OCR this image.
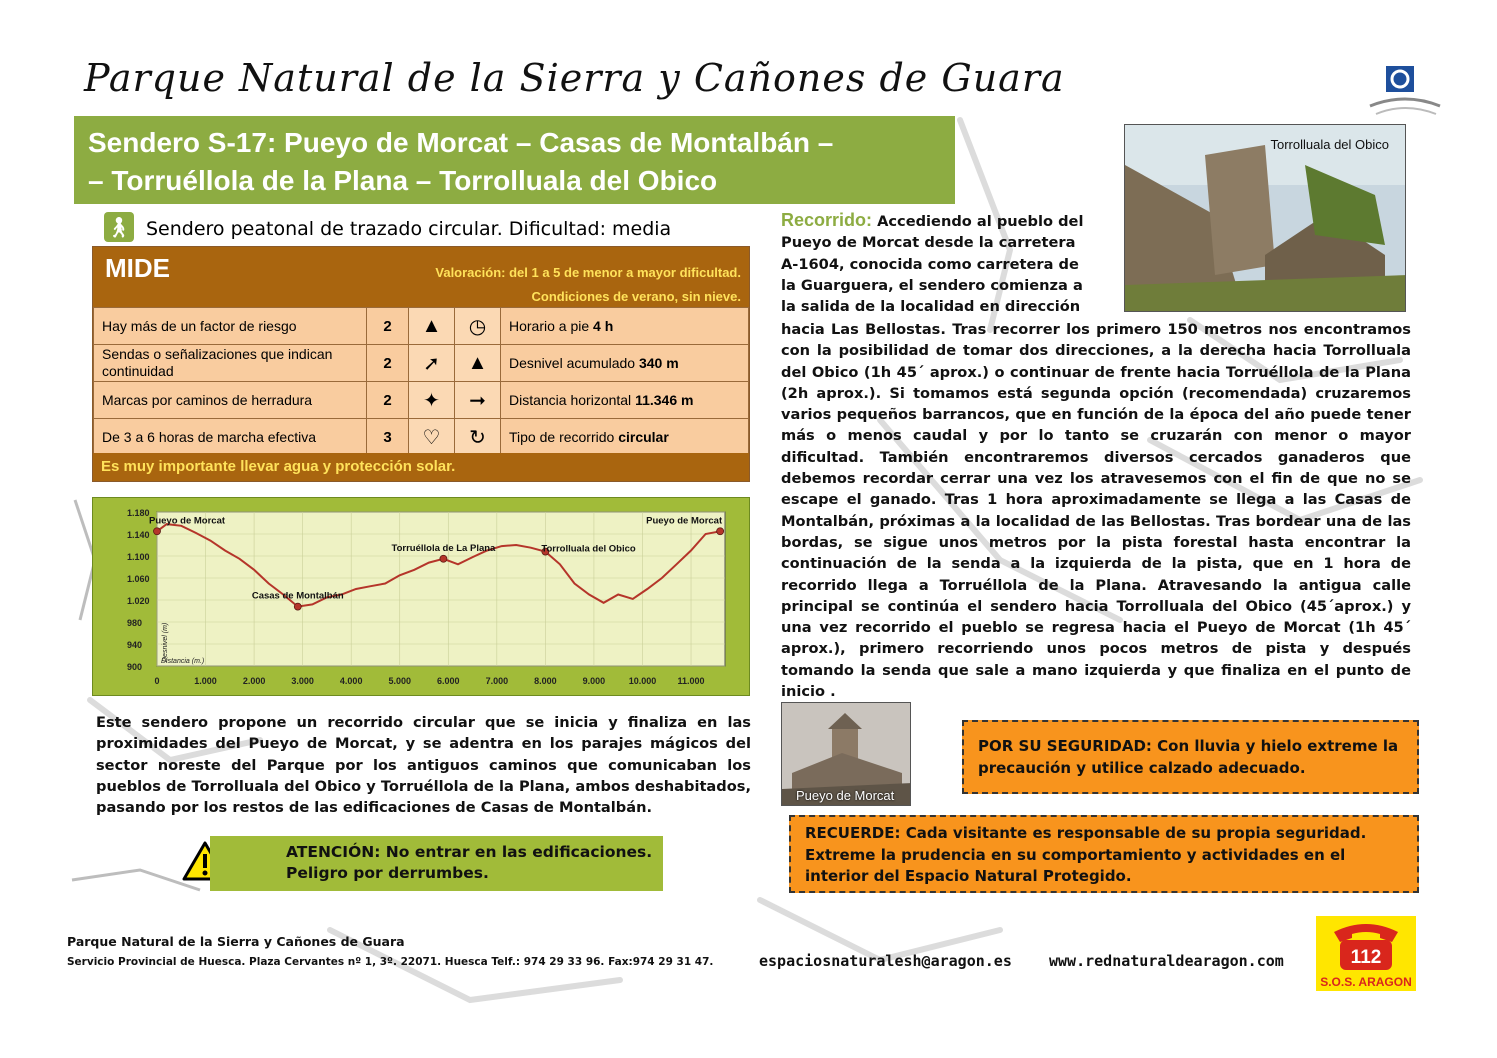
Parque Natural de la Sierra y Cañones de Guara
Sendero S-17: Pueyo de Morcat – Casas de Montalbán –
– Torruéllola de la Plana – Torrolluala del Obico
🚶︎ Sendero peatonal de trazado circular. Dificultad: media
MIDE	Valoración: del 1 a 5 de menor a mayor dificultad.
Condiciones de verano, sin nieve.
Hay más de un factor de riesgo	2	▲	◷	Horario a pie 4 h
Sendas o señalizaciones que indican continuidad	2	➚	▲	Desnivel acumulado 340 m
Marcas por caminos de herradura	2	✦	➞	Distancia horizontal 11.346 m
De 3 a 6 horas de marcha efectiva	3	♡	↻	Tipo de recorrido circular
Es muy importante llevar agua y protección solar.
1.180
1.140
1.100
1.060
1.020
980
940
900
0	1.000	2.000	3.000	4.000	5.000	6.000	7.000	8.000	9.000	10.000 11.000
Pueyo de Morcat
Casas de Montalbán
Torruéllola de La Plana	Torrolluala del Obico
Pueyo de Morcat
Distancia (m.)
Desnivel (m)
Este sendero propone un recorrido circular que se inicia y finaliza en las proximidades del Pueyo de Morcat, y se adentra en los parajes mágicos del sector noreste del Parque por los antiguos caminos que comunicaban los pueblos de Torrolluala del Obico y Torruéllola de la Plana, ambos deshabitados, pasando por los restos de las edificaciones de Casas de Montalbán.
ATENCIÓN: No entrar en las edificaciones.
Peligro por derrumbes.
Torrolluala del Obico
Recorrido: Accediendo al pueblo del Pueyo de Morcat desde la carretera A-1604, conocida como carretera de la Guarguera, el sendero comienza a la salida de la localidad en dirección
hacia Las Bellostas. Tras recorrer los primero 150 metros nos encontramos con la posibilidad de tomar dos direcciones, a la derecha hacia Torrolluala del Obico (1h 45´ aprox.) o continuar de frente hacia Torruéllola de la Plana (2h aprox.). Si tomamos está segunda opción (recomendada) cruzaremos varios pequeños barrancos, que en función de la época del año puede tener más o menos caudal y por lo tanto se cruzarán con menor o mayor dificultad. También encontraremos diversos cercados ganaderos que debemos recordar cerrar una vez los atravesemos con el fin de que no se escape el ganado. Tras 1 hora aproximadamente se llega a las Casas de Montalbán, próximas a la localidad de las Bellostas. Tras bordear una de las bordas, se sigue unos metros por la pista forestal hasta encontrar la continuación de la senda a la izquierda de la pista, que en 1 hora de recorrido llega a Torruéllola de la Plana. Atravesando la antigua calle principal se continúa el sendero hacia Torrolluala del Obico (45´aprox.) y una vez recorrido el pueblo se regresa hacia el Pueyo de Morcat (1h 45´ aprox.), primero recorriendo unos pocos metros de pista y después tomando la senda que sale a mano izquierda y que finaliza en el punto de inicio .
Pueyo de Morcat
POR SU SEGURIDAD: Con lluvia y hielo extreme la precaución y utilice calzado adecuado.
RECUERDE: Cada visitante es responsable de su propia seguridad. Extreme la prudencia en su comportamiento y actividades en el interior del Espacio Natural Protegido.
Parque Natural de la Sierra y Cañones de Guara
Servicio Provincial de Huesca. Plaza Cervantes nº 1, 3º. 22071. Huesca Telf.: 974 29 33 96. Fax:974 29 31 47.	espaciosnaturalesh@aragon.es www.rednaturaldearagon.com	112
S.O.S. ARAGON
